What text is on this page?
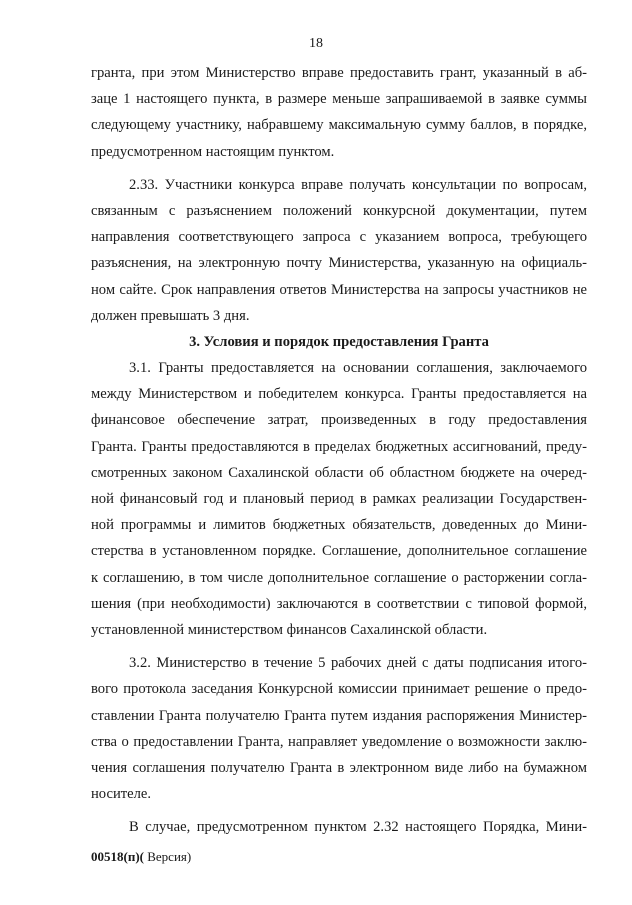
18
гранта, при этом Министерство вправе предоставить грант, указанный в аб-
заце 1 настоящего пункта, в размере меньше запрашиваемой в заявке суммы
следующему участнику, набравшему максимальную сумму баллов, в порядке,
предусмотренном настоящим пунктом.
2.33. Участники конкурса вправе получать консультации по вопросам,
связанным с разъяснением положений конкурсной документации, путем
направления соответствующего запроса с указанием вопроса, требующего
разъяснения, на электронную почту Министерства, указанную на официаль-
ном сайте. Срок направления ответов Министерства на запросы участников не
должен превышать 3 дня.
3. Условия и порядок предоставления Гранта
3.1. Гранты предоставляется на основании соглашения, заключаемого
между Министерством и победителем конкурса. Гранты предоставляется на
финансовое обеспечение затрат, произведенных в году предоставления
Гранта. Гранты предоставляются в пределах бюджетных ассигнований, преду-
смотренных законом Сахалинской области об областном бюджете на очеред-
ной финансовый год и плановый период в рамках реализации Государствен-
ной программы и лимитов бюджетных обязательств, доведенных до Мини-
стерства в установленном порядке. Соглашение, дополнительное соглашение
к соглашению, в том числе дополнительное соглашение о расторжении согла-
шения (при необходимости) заключаются в соответствии с типовой формой,
установленной министерством финансов Сахалинской области.
3.2. Министерство в течение 5 рабочих дней с даты подписания итого-
вого протокола заседания Конкурсной комиссии принимает решение о предо-
ставлении Гранта получателю Гранта путем издания распоряжения Министер-
ства о предоставлении Гранта, направляет уведомление о возможности заклю-
чения соглашения получателю Гранта в электронном виде либо на бумажном
носителе.
В случае, предусмотренном пунктом 2.32 настоящего Порядка, Мини-
00518(п)( Версия)
